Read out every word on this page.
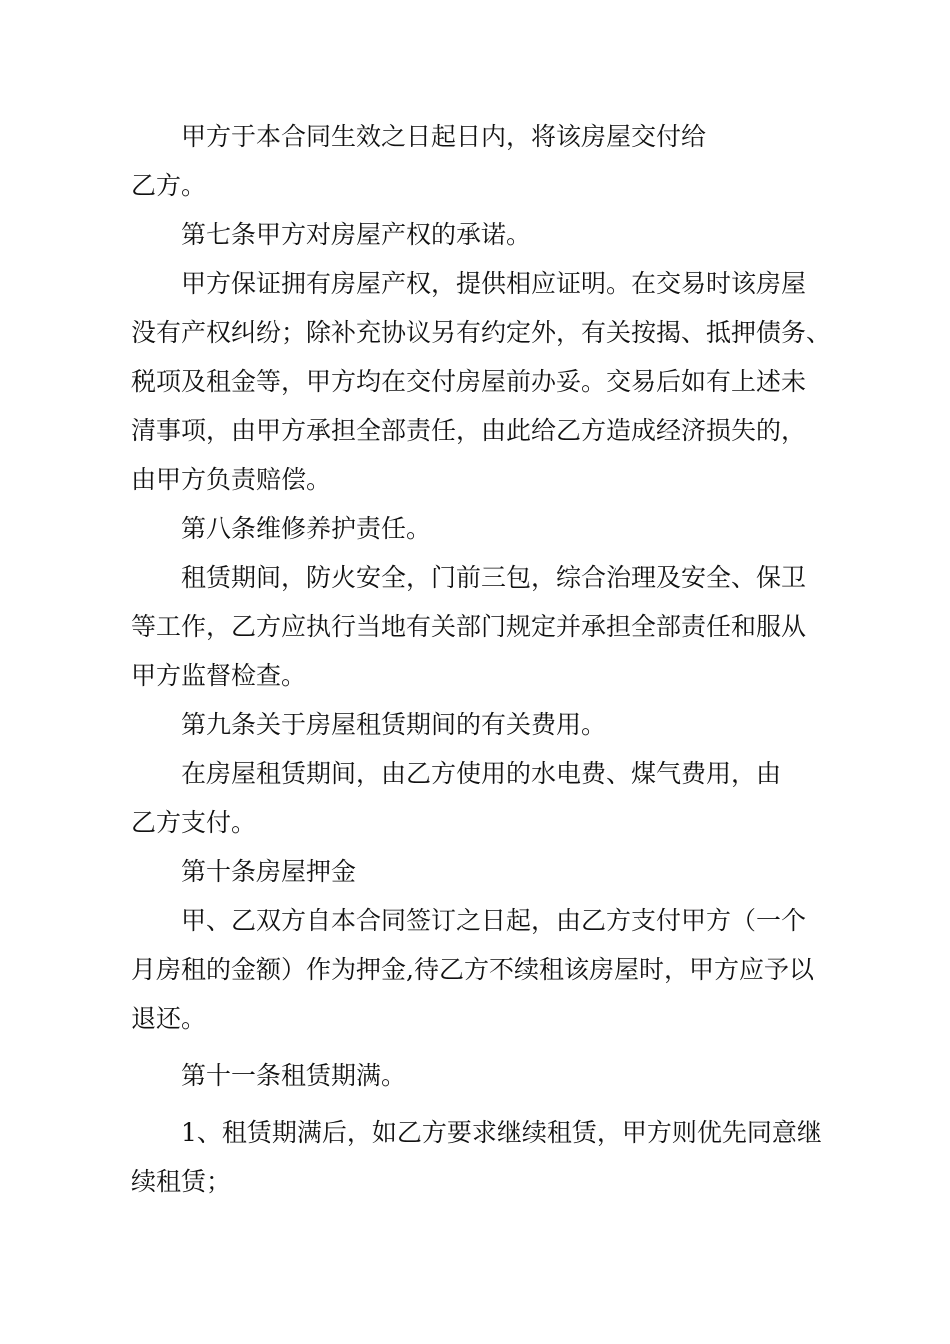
甲方于本合同生效之日起日内，将该房屋交付给
乙方。
第七条甲方对房屋产权的承诺。
甲方保证拥有房屋产权，提供相应证明。在交易时该房屋
没有产权纠纷；除补充协议另有约定外，有关按揭、抵押债务、
税项及租金等，甲方均在交付房屋前办妥。交易后如有上述未
清事项，由甲方承担全部责任，由此给乙方造成经济损失的，
由甲方负责赔偿。
第八条维修养护责任。
租赁期间，防火安全，门前三包，综合治理及安全、保卫
等工作，乙方应执行当地有关部门规定并承担全部责任和服从
甲方监督检查。
第九条关于房屋租赁期间的有关费用。
在房屋租赁期间，由乙方使用的水电费、煤气费用，由
乙方支付。
第十条房屋押金
甲、乙双方自本合同签订之日起，由乙方支付甲方（一个
月房租的金额）作为押金,待乙方不续租该房屋时，甲方应予以
退还。
第十一条租赁期满。
1、租赁期满后，如乙方要求继续租赁，甲方则优先同意继
续租赁；
